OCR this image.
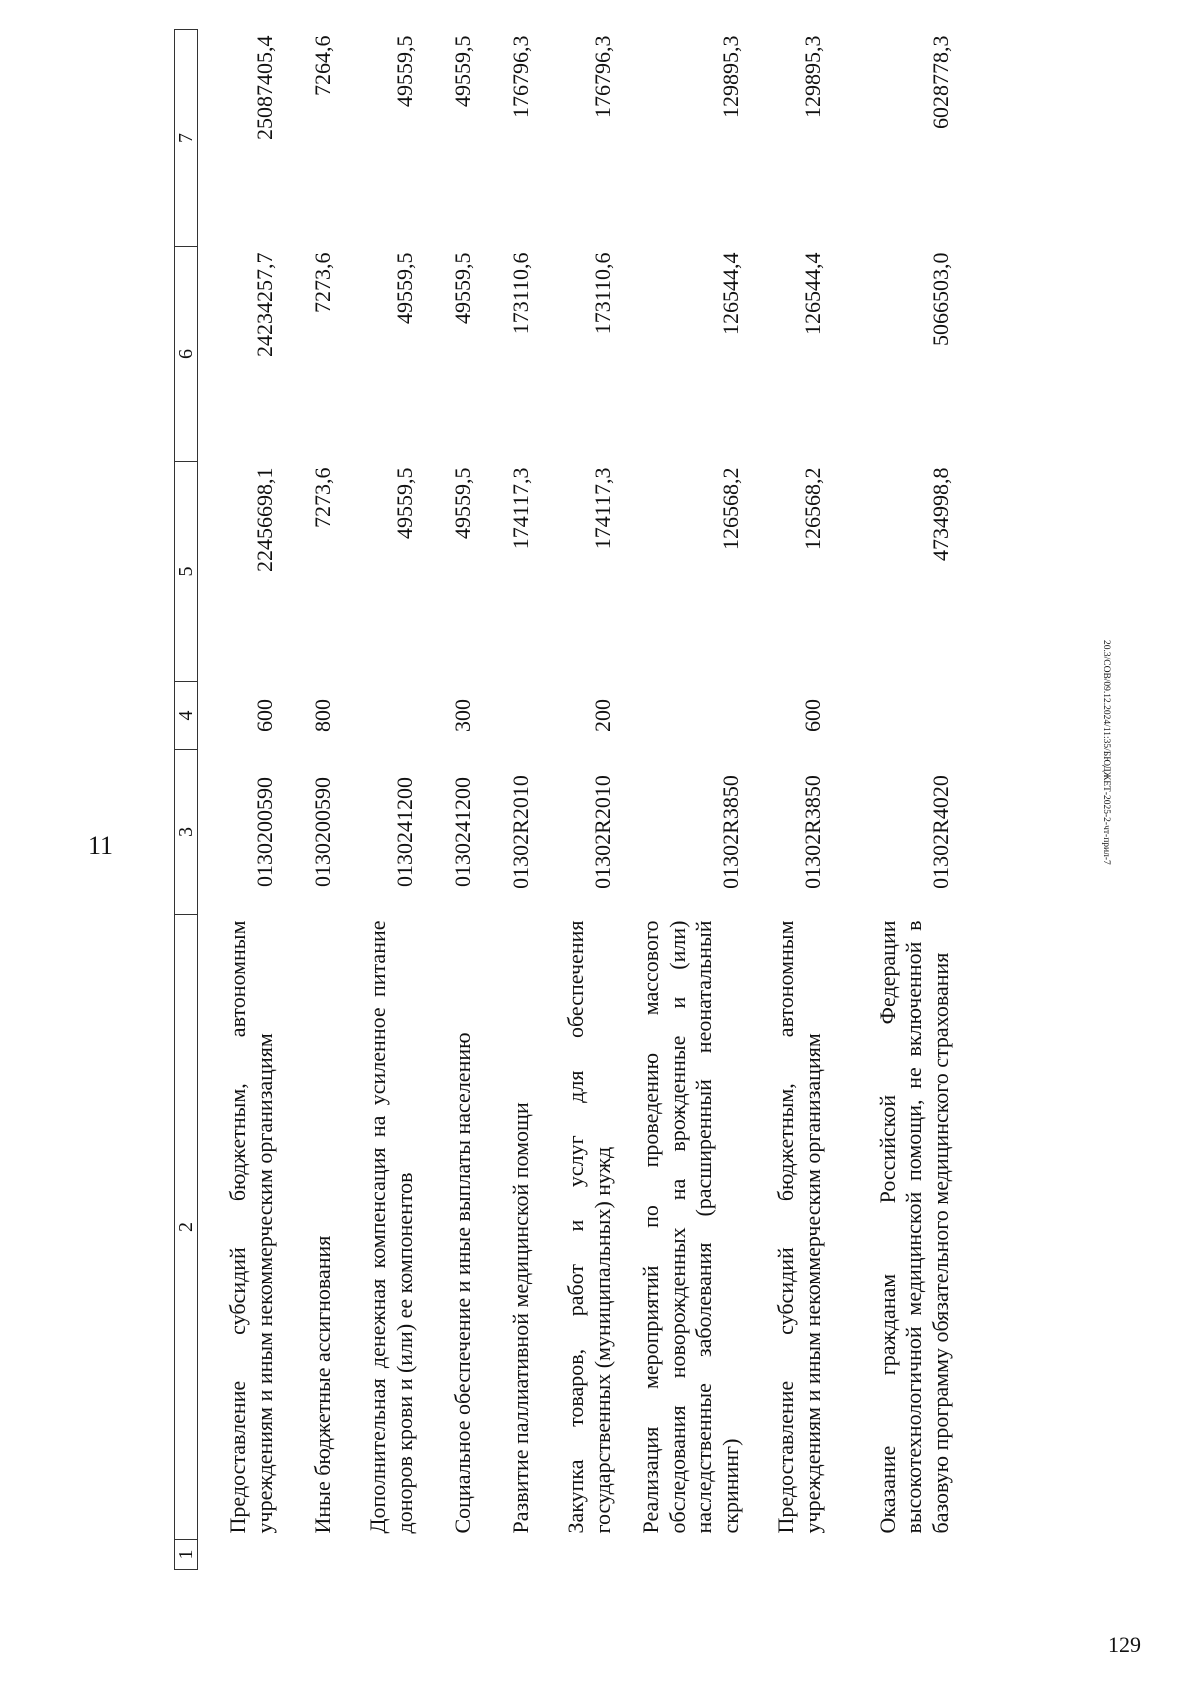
11
1	2	3	4	5	6	7
	Предоставление субсидий бюджетным, автономным учреждениям и иным некоммерческим организациям	0130200590	600	22456698,1	24234257,7	25087405,4
	Иные бюджетные ассигнования	0130200590	800	7273,6	7273,6	7264,6
	Дополнительная денежная компенсация на усиленное питание доноров крови и (или) ее компонентов	0130241200		49559,5	49559,5	49559,5
	Социальное обеспечение и иные выплаты населению	0130241200	300	49559,5	49559,5	49559,5
	Развитие паллиативной медицинской помощи	01302R2010		174117,3	173110,6	176796,3
	Закупка товаров, работ и услуг для обеспечения государственных (муниципальных) нужд	01302R2010	200	174117,3	173110,6	176796,3
	Реализация мероприятий по проведению массового обследования новорожденных на врожденные и (или) наследственные заболевания (расширенный неонатальный скрининг)	01302R3850		126568,2	126544,4	129895,3
	Предоставление субсидий бюджетным, автономным учреждениям и иным некоммерческим организациям	01302R3850	600	126568,2	126544,4	129895,3
	Оказание гражданам Российской Федерации высокотехнологичной медицинской помощи, не включенной в базовую программу обязательного медицинского страхования	01302R4020		4734998,8	5066503,0	6028778,3
20.3/СОВ/09.12.2024/11:35/БЮДЖЕТ-2025-2-чт-прил-7
129
